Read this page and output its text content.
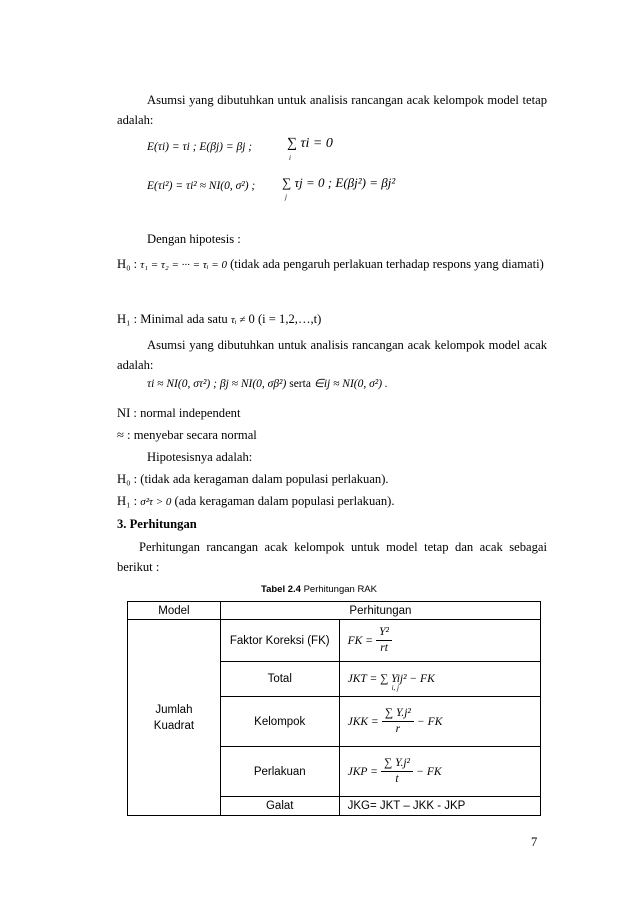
Asumsi yang dibutuhkan untuk analisis rancangan acak kelompok model tetap adalah:
E(τi) = τi ; E(βj) = βj ; ∑ τi = 0
i
E(τi²) = τi² ≈ NI(0, σ²) ; ∑ τj = 0 ; E(βj²) = βj²
j
Dengan hipotesis :
H₀ : τ₁ = τ₂ = ··· = τᵢ = 0 (tidak ada pengaruh perlakuan terhadap respons yang diamati)
H₁ : Minimal ada satu τᵢ ≠ 0 (i = 1,2,…,t)
Asumsi yang dibutuhkan untuk analisis rancangan acak kelompok model acak adalah:
τi ≈ NI(0, στ²) ; βj ≈ NI(0, σβ²) serta ∈ij ≈ NI(0, σ²) .
NI : normal independent
≈ : menyebar secara normal
Hipotesisnya adalah:
H₀ : (tidak ada keragaman dalam populasi perlakuan).
H₁ : σ²τ > 0 (ada keragaman dalam populasi perlakuan).
3. Perhitungan
Perhitungan rancangan acak kelompok untuk model tetap dan acak sebagai berikut :
Tabel 2.4 Perhitungan RAK
Model	Perhitungan	

Jumlah Kuadrat	Faktor Koreksi (FK)	FK = $\frac{\text{Y²}}{rt}$

	Total	JKT = ∑ Yij² − FK
i, j

	Kelompok	JKK = $\frac{\text{∑ Y.j²}}{r}$ − FK
	Perlakuan	JKP = $\frac{\text{∑ Y.j²}}{t}$ − FK
	Galat	JKG= JKT – JKK - JKP
7
